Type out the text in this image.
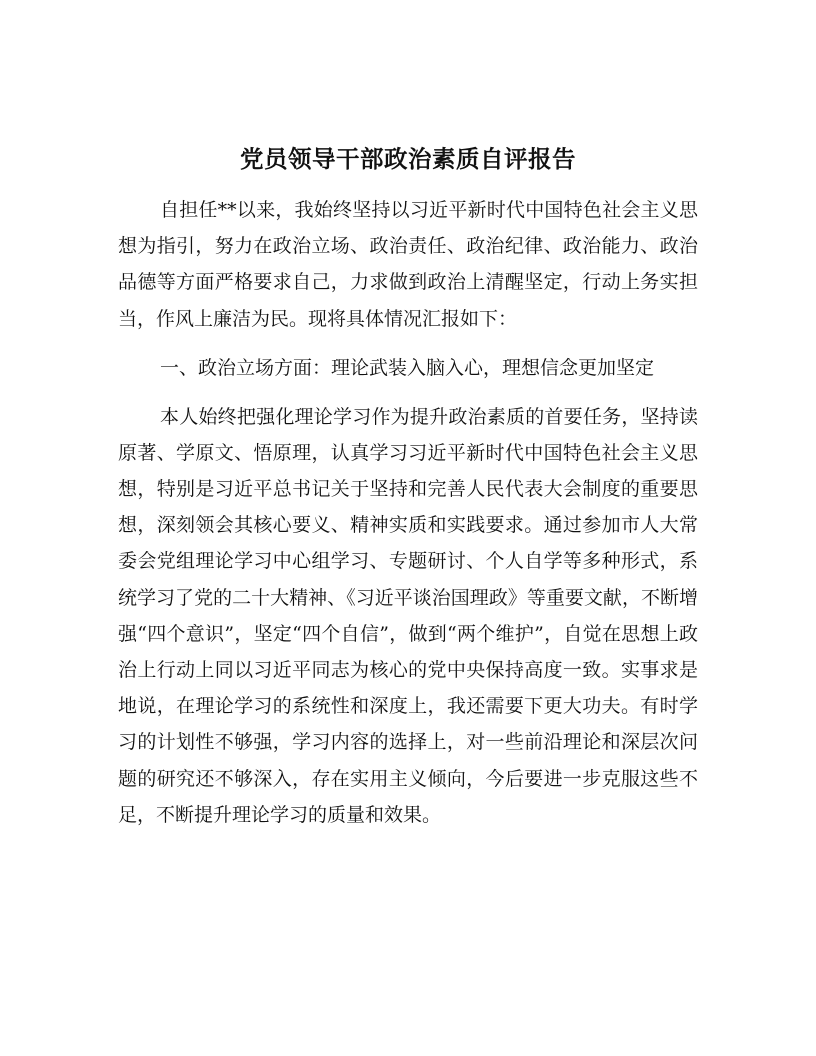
党员领导干部政治素质自评报告

自担任**以来，我始终坚持以习近平新时代中国特色社会主义思想为指引，努力在政治立场、政治责任、政治纪律、政治能力、政治品德等方面严格要求自己，力求做到政治上清醒坚定，行动上务实担当，作风上廉洁为民。现将具体情况汇报如下：

一、政治立场方面：理论武装入脑入心，理想信念更加坚定

本人始终把强化理论学习作为提升政治素质的首要任务，坚持读原著、学原文、悟原理，认真学习习近平新时代中国特色社会主义思想，特别是习近平总书记关于坚持和完善人民代表大会制度的重要思想，深刻领会其核心要义、精神实质和实践要求。通过参加市人大常委会党组理论学习中心组学习、专题研讨、个人自学等多种形式，系统学习了党的二十大精神、《习近平谈治国理政》等重要文献，不断增强“四个意识”，坚定“四个自信”，做到“两个维护”，自觉在思想上政治上行动上同以习近平同志为核心的党中央保持高度一致。实事求是地说，在理论学习的系统性和深度上，我还需要下更大功夫。有时学习的计划性不够强，学习内容的选择上，对一些前沿理论和深层次问题的研究还不够深入，存在实用主义倾向，今后要进一步克服这些不足，不断提升理论学习的质量和效果。
